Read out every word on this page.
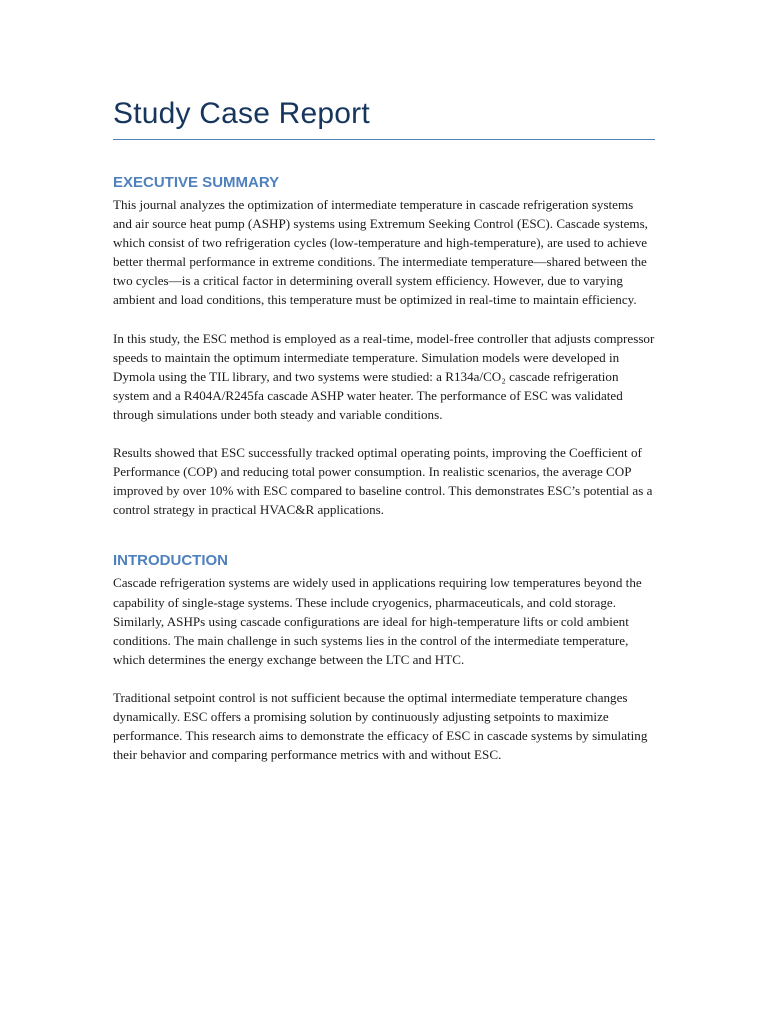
Study Case Report
EXECUTIVE SUMMARY

This journal analyzes the optimization of intermediate temperature in cascade refrigeration systems and air source heat pump (ASHP) systems using Extremum Seeking Control (ESC). Cascade systems, which consist of two refrigeration cycles (low-temperature and high-temperature), are used to achieve better thermal performance in extreme conditions. The intermediate temperature—shared between the two cycles—is a critical factor in determining overall system efficiency. However, due to varying ambient and load conditions, this temperature must be optimized in real-time to maintain efficiency.

In this study, the ESC method is employed as a real-time, model-free controller that adjusts compressor speeds to maintain the optimum intermediate temperature. Simulation models were developed in Dymola using the TIL library, and two systems were studied: a R134a/CO₂ cascade refrigeration system and a R404A/R245fa cascade ASHP water heater. The performance of ESC was validated through simulations under both steady and variable conditions.

Results showed that ESC successfully tracked optimal operating points, improving the Coefficient of Performance (COP) and reducing total power consumption. In realistic scenarios, the average COP improved by over 10% with ESC compared to baseline control. This demonstrates ESC’s potential as a control strategy in practical HVAC&R applications.

INTRODUCTION

Cascade refrigeration systems are widely used in applications requiring low temperatures beyond the capability of single-stage systems. These include cryogenics, pharmaceuticals, and cold storage. Similarly, ASHPs using cascade configurations are ideal for high-temperature lifts or cold ambient conditions. The main challenge in such systems lies in the control of the intermediate temperature, which determines the energy exchange between the LTC and HTC.

Traditional setpoint control is not sufficient because the optimal intermediate temperature changes dynamically. ESC offers a promising solution by continuously adjusting setpoints to maximize performance. This research aims to demonstrate the efficacy of ESC in cascade systems by simulating their behavior and comparing performance metrics with and without ESC.
